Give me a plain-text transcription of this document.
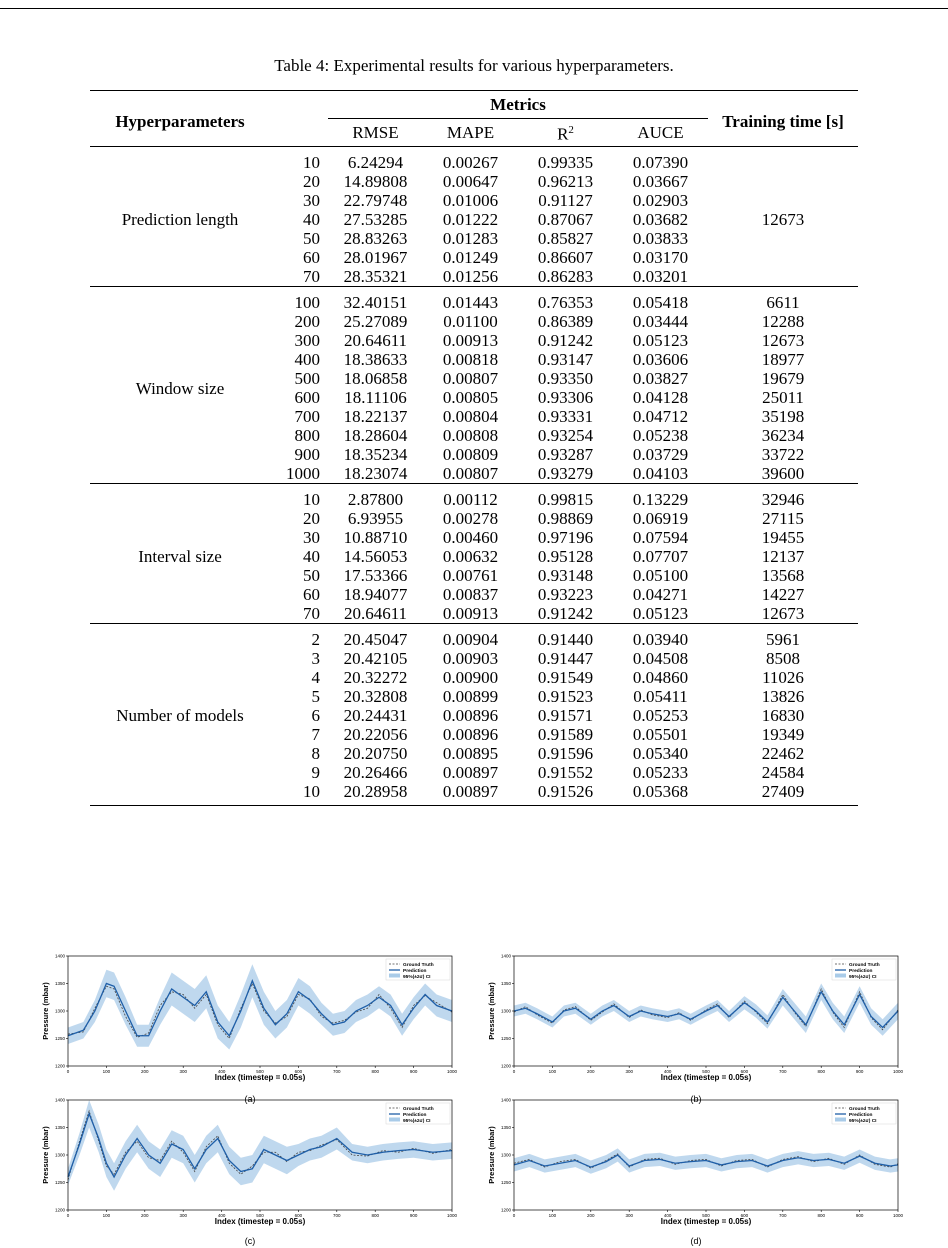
Table 4: Experimental results for various hyperparameters.
Hyperparameters		Metrics				Training time [s]
		RMSE	MAPE	$R^2$	AUCE	

Prediction length	10	6.24294	0.00267	0.99335	0.07390	12673
	20	14.89808	0.00647	0.96213	0.03667	
	30	22.79748	0.01006	0.91127	0.02903	
	40	27.53285	0.01222	0.87067	0.03682	
	50	28.83263	0.01283	0.85827	0.03833	
	60	28.01967	0.01249	0.86607	0.03170	
	70	28.35321	0.01256	0.86283	0.03201	

Window size	100	32.40151	0.01443	0.76353	0.05418	6611
	200	25.27089	0.01100	0.86389	0.03444	12288
	300	20.64611	0.00913	0.91242	0.05123	12673
	400	18.38633	0.00818	0.93147	0.03606	18977
	500	18.06858	0.00807	0.93350	0.03827	19679
	600	18.11106	0.00805	0.93306	0.04128	25011
	700	18.22137	0.00804	0.93331	0.04712	35198
	800	18.28604	0.00808	0.93254	0.05238	36234
	900	18.35234	0.00809	0.93287	0.03729	33722
	1000	18.23074	0.00807	0.93279	0.04103	39600

Interval size	10	2.87800	0.00112	0.99815	0.13229	32946
	20	6.93955	0.00278	0.98869	0.06919	27115
	30	10.88710	0.00460	0.97196	0.07594	19455
	40	14.56053	0.00632	0.95128	0.07707	12137
	50	17.53366	0.00761	0.93148	0.05100	13568
	60	18.94077	0.00837	0.93223	0.04271	14227
	70	20.64611	0.00913	0.91242	0.05123	12673

Number of models	2	20.45047	0.00904	0.91440	0.03940	5961
	3	20.42105	0.00903	0.91447	0.04508	8508
	4	20.32272	0.00900	0.91549	0.04860	11026
	5	20.32808	0.00899	0.91523	0.05411	13826
	6	20.24431	0.00896	0.91571	0.05253	16830
	7	20.22056	0.00896	0.91589	0.05501	19349
	8	20.20750	0.00895	0.91596	0.05340	22462
	9	20.26466	0.00897	0.91552	0.05233	24584
	10	20.28958	0.00897	0.91526	0.05368	27409

0	100	200	300	400	500	600	700	800	900	1000
1200
1250
1300
1350
1400
Index (timestep = 0.05s)
Pressure (mbar)
Ground Truth
Prediction
95%(±2σ) CI
(a)
0	100	200	300	400	500	600	700	800	900	1000
1200
1250
1300
1350
1400
Index (timestep = 0.05s)
Pressure (mbar)
Ground Truth
Prediction
95%(±2σ) CI
(b)
0	100	200	300	400	500	600	700	800	900	1000
1200
1250
1300
1350
1400
Index (timestep = 0.05s)
Pressure (mbar)
Ground Truth
Prediction
95%(±2σ) CI
(c)
0	100	200	300	400	500	600	700	800	900	1000
1200
1250
1300
1350
1400
Index (timestep = 0.05s)
Pressure (mbar)
Ground Truth
Prediction
95%(±2σ) CI
(d)
